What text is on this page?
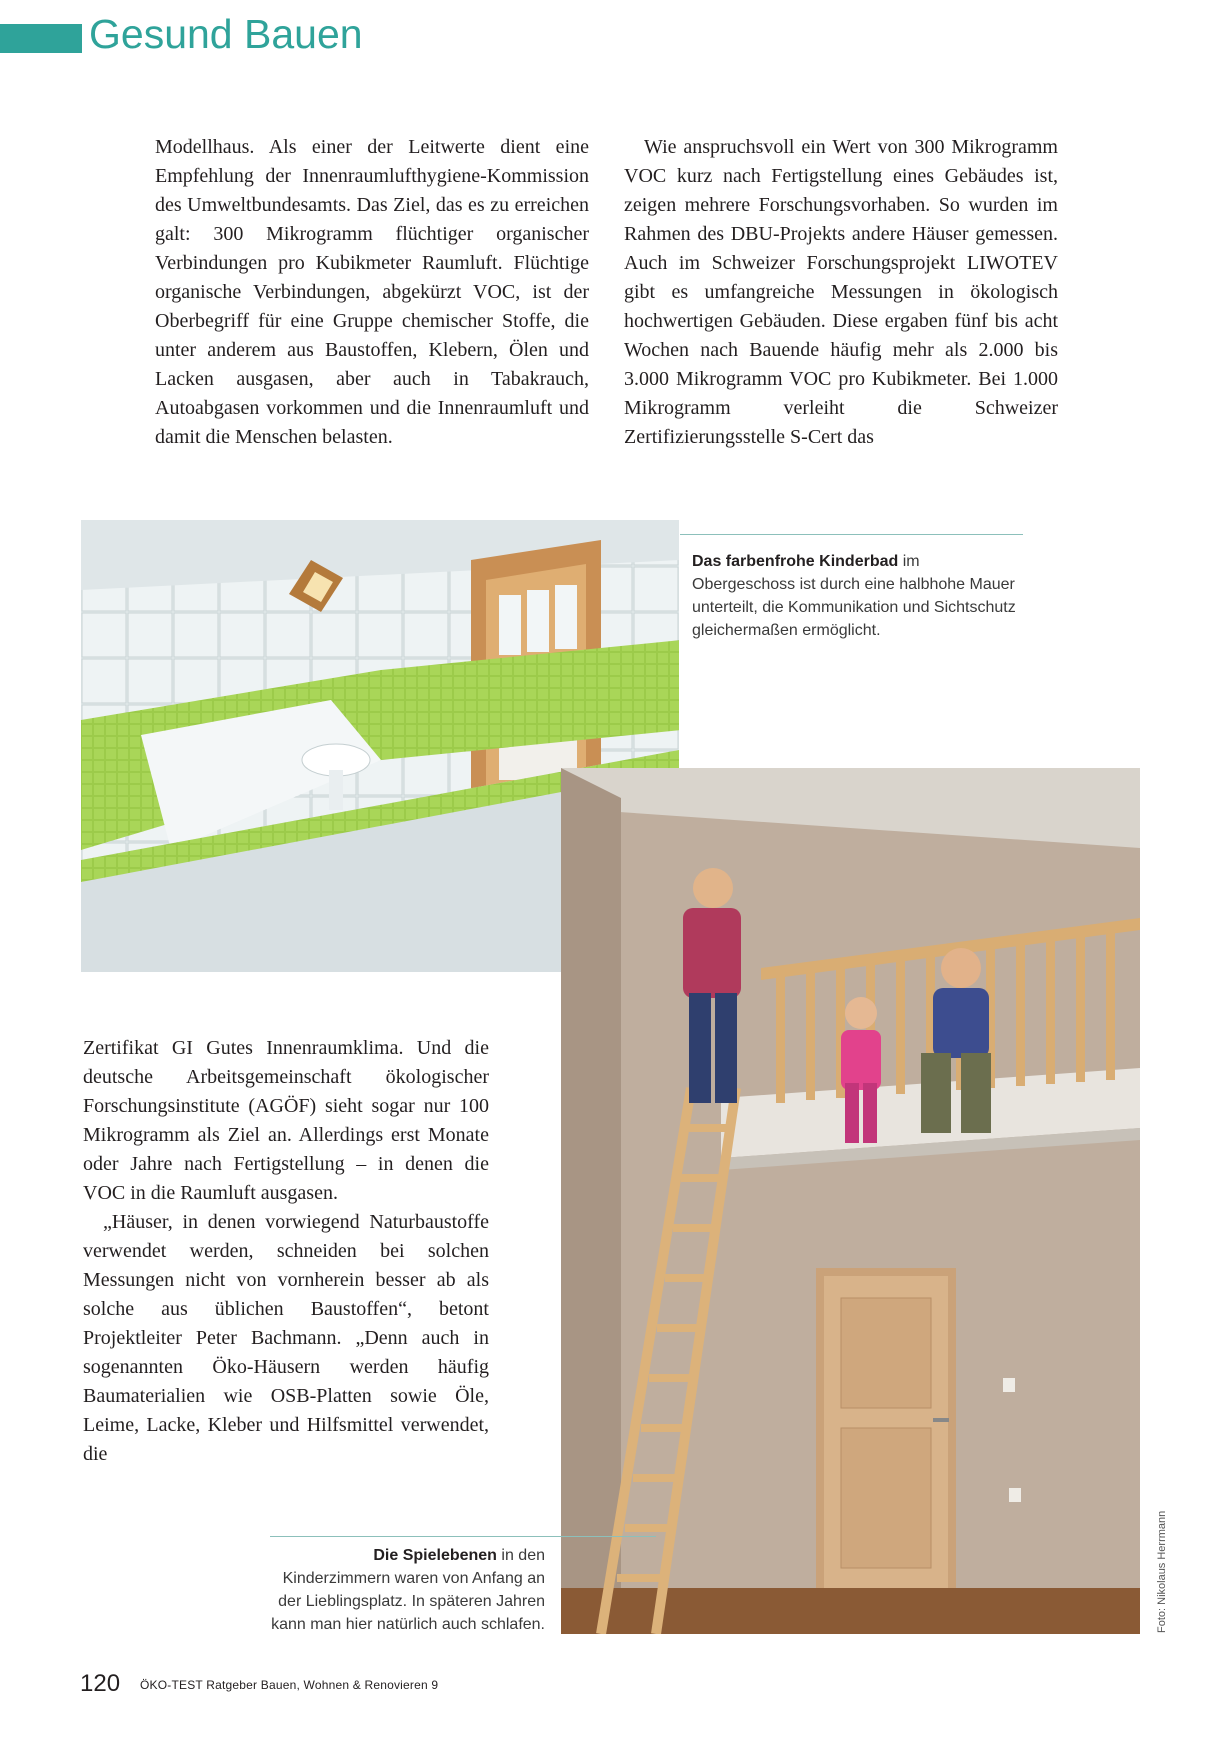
Gesund Bauen

Modellhaus. Als einer der Leitwerte dient eine Empfehlung der Innenraumlufthygiene-Kommission des Umweltbundesamts. Das Ziel, das es zu erreichen galt: 300 Mikrogramm flüchtiger organischer Verbindungen pro Kubikmeter Raumluft. Flüchtige organische Verbindungen, abgekürzt VOC, ist der Oberbegriff für eine Gruppe chemischer Stoffe, die unter anderem aus Baustoffen, Klebern, Ölen und Lacken ausgasen, aber auch in Tabakrauch, Autoabgasen vorkommen und die Innenraumluft und damit die Menschen belasten.

Wie anspruchsvoll ein Wert von 300 Mikrogramm VOC kurz nach Fertigstellung eines Gebäudes ist, zeigen mehrere Forschungsvorhaben. So wurden im Rahmen des DBU-Projekts andere Häuser gemessen. Auch im Schweizer Forschungsprojekt LIWOTEV gibt es umfangreiche Messungen in ökologisch hochwertigen Gebäuden. Diese ergaben fünf bis acht Wochen nach Bauende häufig mehr als 2.000 bis 3.000 Mikrogramm VOC pro Kubikmeter. Bei 1.000 Mikrogramm verleiht die Schweizer Zertifizierungsstelle S-Cert das

Das farbenfrohe Kinderbad im Obergeschoss ist durch eine halbhohe Mauer unterteilt, die Kommunikation und Sichtschutz gleichermaßen ermöglicht.

Zertifikat GI Gutes Innenraumklima. Und die deutsche Arbeitsgemeinschaft ökologischer Forschungsinstitute (AGÖF) sieht sogar nur 100 Mikrogramm als Ziel an. Allerdings erst Monate oder Jahre nach Fertigstellung – in denen die VOC in die Raumluft ausgasen.

„Häuser, in denen vorwiegend Naturbaustoffe verwendet werden, schneiden bei solchen Messungen nicht von vornherein besser ab als solche aus üblichen Baustoffen“, betont Projektleiter Peter Bachmann. „Denn auch in sogenannten Öko-Häusern werden häufig Baumaterialien wie OSB-Platten sowie Öle, Leime, Lacke, Kleber und Hilfsmittel verwendet, die

Die Spielebenen in den Kinderzimmern waren von Anfang an der Lieblingsplatz. In späteren Jahren kann man hier natürlich auch schlafen.	Foto: Nikolaus Herrmann
120 ÖKO-TEST Ratgeber Bauen, Wohnen & Renovieren 9
